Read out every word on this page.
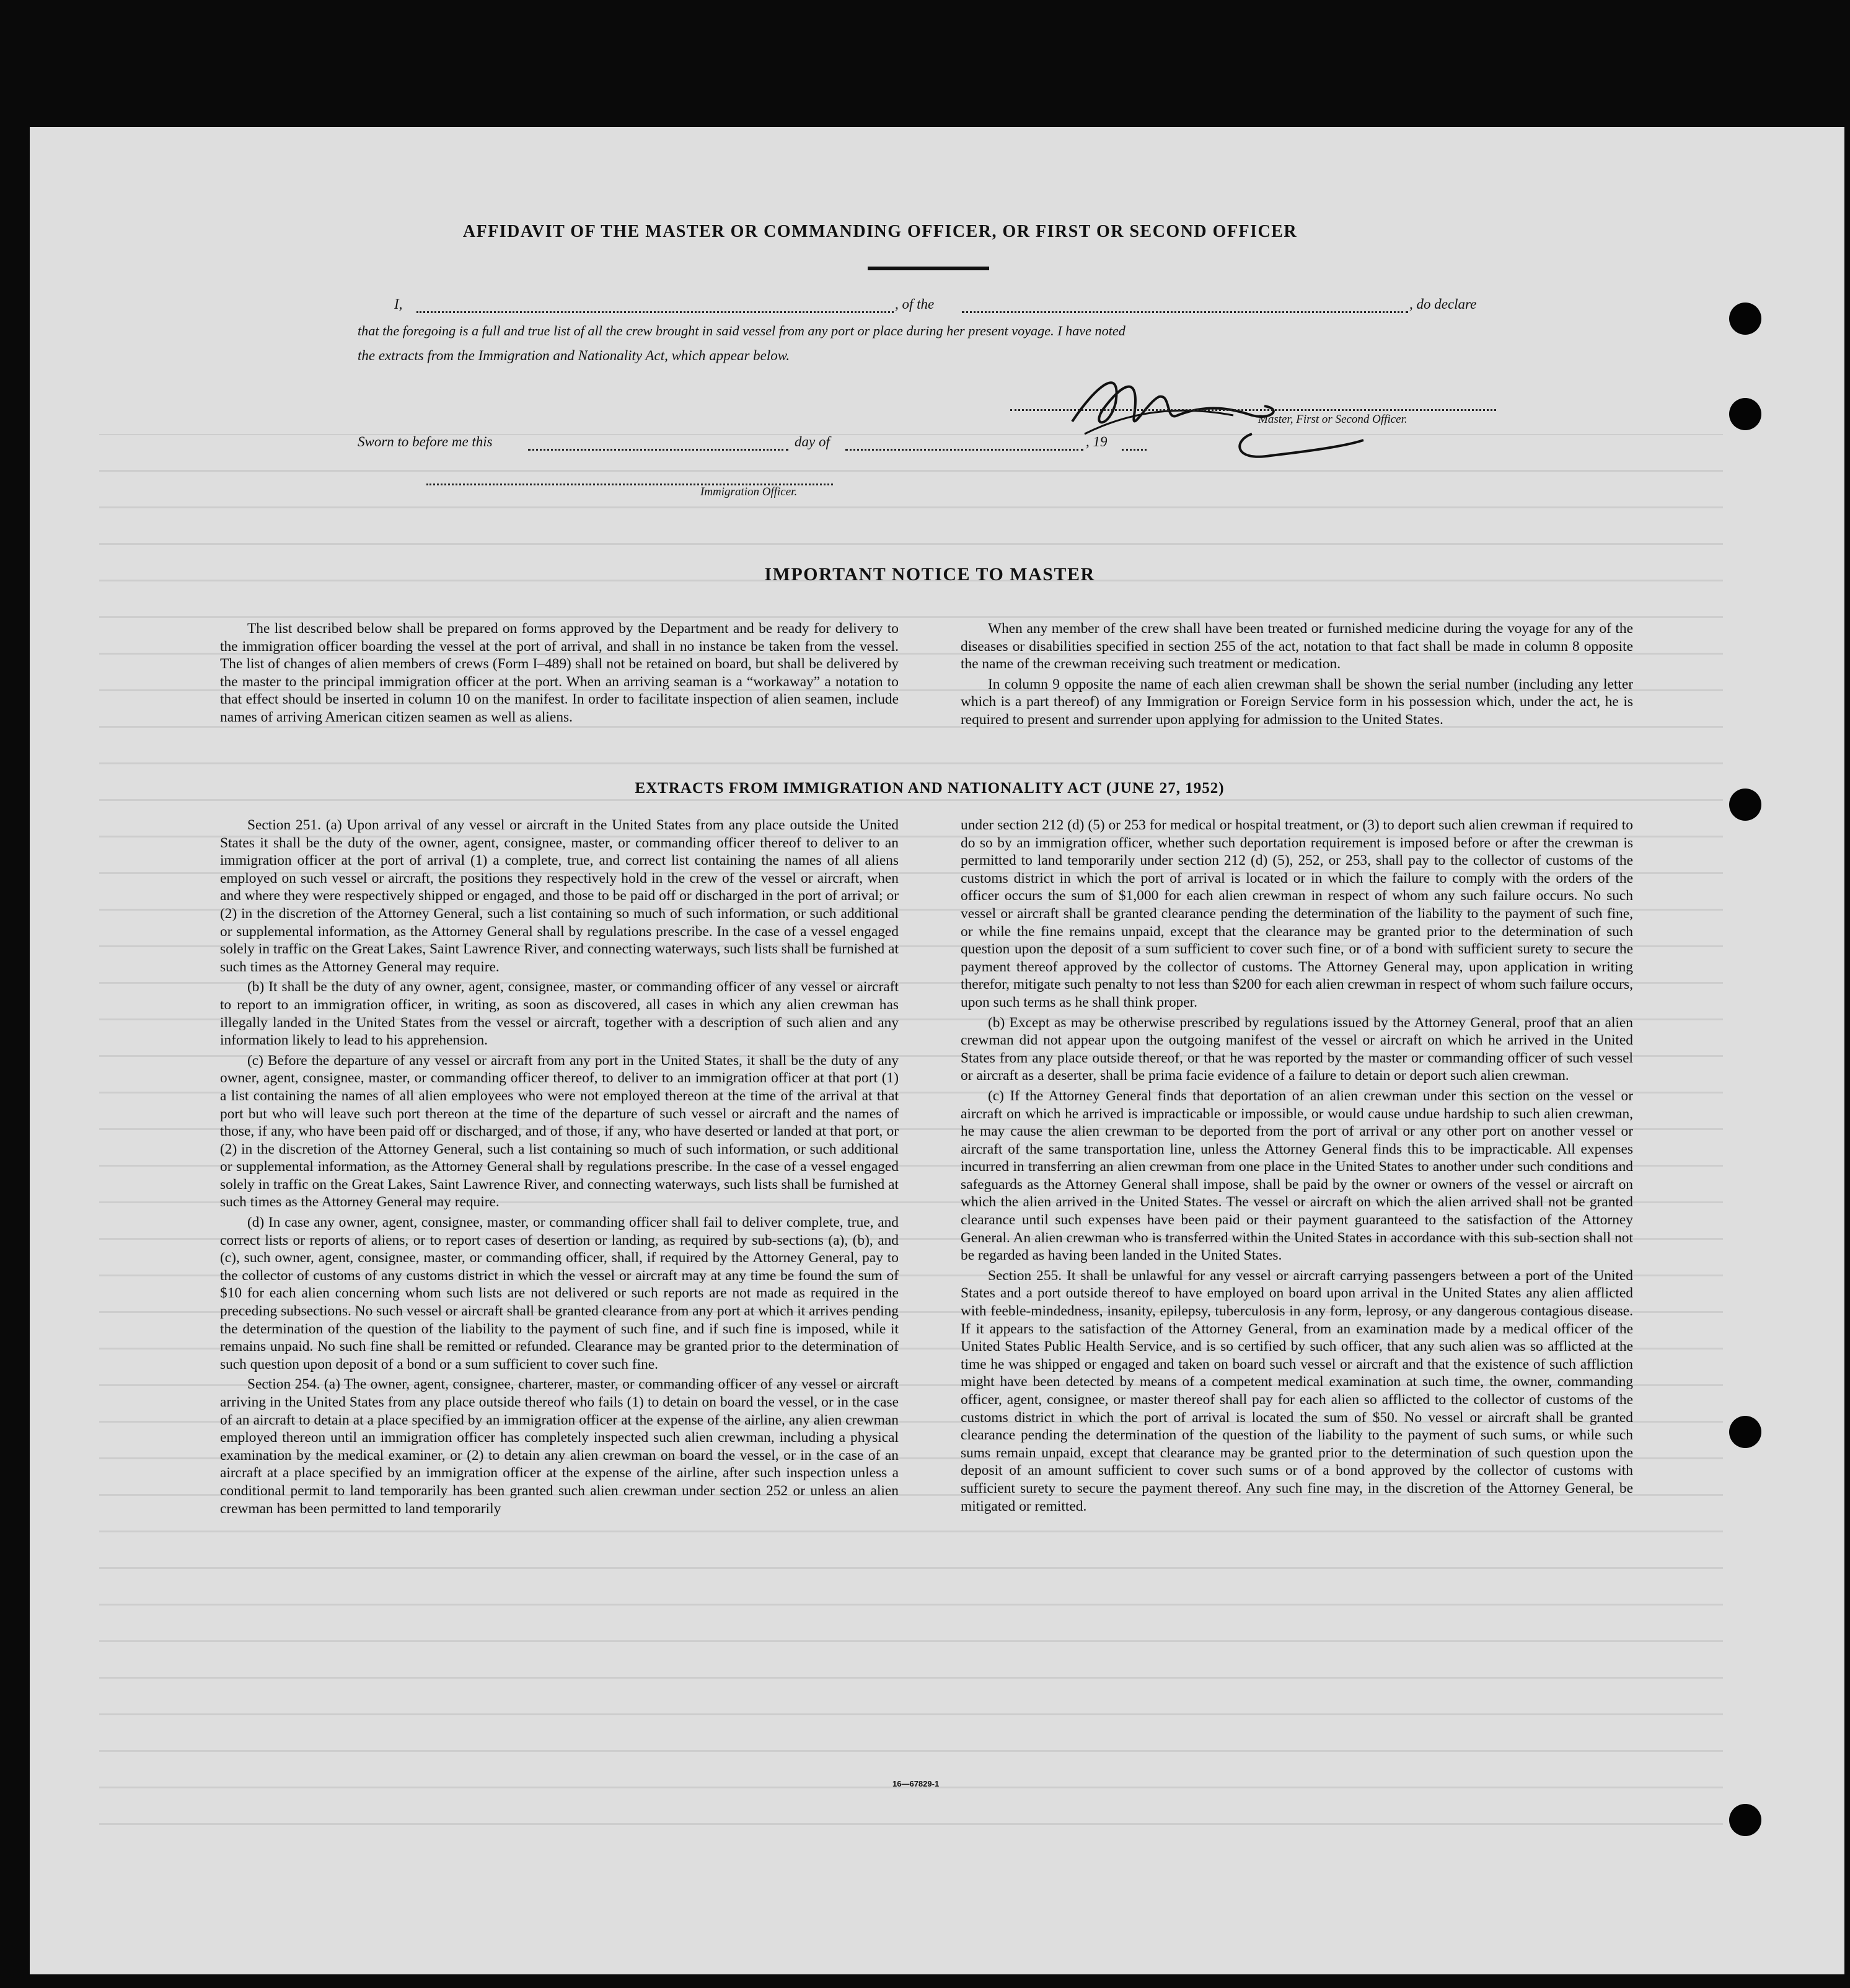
AFFIDAVIT OF THE MASTER OR COMMANDING OFFICER, OR FIRST OR SECOND OFFICER
I,	, of the	, do declare
that the foregoing is a full and true list of all the crew brought in said vessel from any port or place during her present voyage. I have noted
the extracts from the Immigration and Nationality Act, which appear below.
Master, First or Second Officer.
Sworn to before me this	day of	, 19
Immigration Officer.
IMPORTANT NOTICE TO MASTER

The list described below shall be prepared on forms approved by the Department and be ready for delivery to the immigration officer boarding the vessel at the port of arrival, and shall in no instance be taken from the vessel. The list of changes of alien members of crews (Form I–489) shall not be retained on board, but shall be delivered by the master to the principal immigration officer at the port. When an arriving seaman is a “workaway” a notation to that effect should be inserted in column 10 on the manifest. In order to facilitate inspection of alien seamen, include names of arriving American citizen seamen as well as aliens.

When any member of the crew shall have been treated or furnished medicine during the voyage for any of the diseases or disabilities specified in section 255 of the act, notation to that fact shall be made in column 8 opposite the name of the crewman receiving such treatment or medication.

In column 9 opposite the name of each alien crewman shall be shown the serial number (including any letter which is a part thereof) of any Immigration or Foreign Service form in his possession which, under the act, he is required to present and surrender upon applying for admission to the United States.

EXTRACTS FROM IMMIGRATION AND NATIONALITY ACT (JUNE 27, 1952)

Section 251. (a) Upon arrival of any vessel or aircraft in the United States from any place outside the United States it shall be the duty of the owner, agent, consignee, master, or commanding officer thereof to deliver to an immigration officer at the port of arrival (1) a complete, true, and correct list containing the names of all aliens employed on such vessel or aircraft, the positions they respectively hold in the crew of the vessel or aircraft, when and where they were respectively shipped or engaged, and those to be paid off or discharged in the port of arrival; or (2) in the discretion of the Attorney General, such a list containing so much of such information, or such additional or supplemental information, as the Attorney General shall by regulations prescribe. In the case of a vessel engaged solely in traffic on the Great Lakes, Saint Lawrence River, and connecting waterways, such lists shall be furnished at such times as the Attorney General may require.

(b) It shall be the duty of any owner, agent, consignee, master, or commanding officer of any vessel or aircraft to report to an immigration officer, in writing, as soon as discovered, all cases in which any alien crewman has illegally landed in the United States from the vessel or aircraft, together with a description of such alien and any information likely to lead to his apprehension.

(c) Before the departure of any vessel or aircraft from any port in the United States, it shall be the duty of any owner, agent, consignee, master, or commanding officer thereof, to deliver to an immigration officer at that port (1) a list containing the names of all alien employees who were not employed thereon at the time of the arrival at that port but who will leave such port thereon at the time of the departure of such vessel or aircraft and the names of those, if any, who have been paid off or discharged, and of those, if any, who have deserted or landed at that port, or (2) in the discretion of the Attorney General, such a list containing so much of such information, or such additional or supplemental information, as the Attorney General shall by regulations prescribe. In the case of a vessel engaged solely in traffic on the Great Lakes, Saint Lawrence River, and connecting waterways, such lists shall be furnished at such times as the Attorney General may require.

(d) In case any owner, agent, consignee, master, or commanding officer shall fail to deliver complete, true, and correct lists or reports of aliens, or to report cases of desertion or landing, as required by sub-sections (a), (b), and (c), such owner, agent, consignee, master, or commanding officer, shall, if required by the Attorney General, pay to the collector of customs of any customs district in which the vessel or aircraft may at any time be found the sum of $10 for each alien concerning whom such lists are not delivered or such reports are not made as required in the preceding subsections. No such vessel or aircraft shall be granted clearance from any port at which it arrives pending the determination of the question of the liability to the payment of such fine, and if such fine is imposed, while it remains unpaid. No such fine shall be remitted or refunded. Clearance may be granted prior to the determination of such question upon deposit of a bond or a sum sufficient to cover such fine.

Section 254. (a) The owner, agent, consignee, charterer, master, or commanding officer of any vessel or aircraft arriving in the United States from any place outside thereof who fails (1) to detain on board the vessel, or in the case of an aircraft to detain at a place specified by an immigration officer at the expense of the airline, any alien crewman employed thereon until an immigration officer has completely inspected such alien crewman, including a physical examination by the medical examiner, or (2) to detain any alien crewman on board the vessel, or in the case of an aircraft at a place specified by an immigration officer at the expense of the airline, after such inspection unless a conditional permit to land temporarily has been granted such alien crewman under section 252 or unless an alien crewman has been permitted to land temporarily

under section 212 (d) (5) or 253 for medical or hospital treatment, or (3) to deport such alien crewman if required to do so by an immigration officer, whether such deportation requirement is imposed before or after the crewman is permitted to land temporarily under section 212 (d) (5), 252, or 253, shall pay to the collector of customs of the customs district in which the port of arrival is located or in which the failure to comply with the orders of the officer occurs the sum of $1,000 for each alien crewman in respect of whom any such failure occurs. No such vessel or aircraft shall be granted clearance pending the determination of the liability to the payment of such fine, or while the fine remains unpaid, except that the clearance may be granted prior to the determination of such question upon the deposit of a sum sufficient to cover such fine, or of a bond with sufficient surety to secure the payment thereof approved by the collector of customs. The Attorney General may, upon application in writing therefor, mitigate such penalty to not less than $200 for each alien crewman in respect of whom such failure occurs, upon such terms as he shall think proper.

(b) Except as may be otherwise prescribed by regulations issued by the Attorney General, proof that an alien crewman did not appear upon the outgoing manifest of the vessel or aircraft on which he arrived in the United States from any place outside thereof, or that he was reported by the master or commanding officer of such vessel or aircraft as a deserter, shall be prima facie evidence of a failure to detain or deport such alien crewman.

(c) If the Attorney General finds that deportation of an alien crewman under this section on the vessel or aircraft on which he arrived is impracticable or impossible, or would cause undue hardship to such alien crewman, he may cause the alien crewman to be deported from the port of arrival or any other port on another vessel or aircraft of the same transportation line, unless the Attorney General finds this to be impracticable. All expenses incurred in transferring an alien crewman from one place in the United States to another under such conditions and safeguards as the Attorney General shall impose, shall be paid by the owner or owners of the vessel or aircraft on which the alien arrived in the United States. The vessel or aircraft on which the alien arrived shall not be granted clearance until such expenses have been paid or their payment guaranteed to the satisfaction of the Attorney General. An alien crewman who is transferred within the United States in accordance with this sub-section shall not be regarded as having been landed in the United States.

Section 255. It shall be unlawful for any vessel or aircraft carrying passengers between a port of the United States and a port outside thereof to have employed on board upon arrival in the United States any alien afflicted with feeble-mindedness, insanity, epilepsy, tuberculosis in any form, leprosy, or any dangerous contagious disease. If it appears to the satisfaction of the Attorney General, from an examination made by a medical officer of the United States Public Health Service, and is so certified by such officer, that any such alien was so afflicted at the time he was shipped or engaged and taken on board such vessel or aircraft and that the existence of such affliction might have been detected by means of a competent medical examination at such time, the owner, commanding officer, agent, consignee, or master thereof shall pay for each alien so afflicted to the collector of customs of the customs district in which the port of arrival is located the sum of $50. No vessel or aircraft shall be granted clearance pending the determination of the question of the liability to the payment of such sums, or while such sums remain unpaid, except that clearance may be granted prior to the determination of such question upon the deposit of an amount sufficient to cover such sums or of a bond approved by the collector of customs with sufficient surety to secure the payment thereof. Any such fine may, in the discretion of the Attorney General, be mitigated or remitted.

16—67829-1
